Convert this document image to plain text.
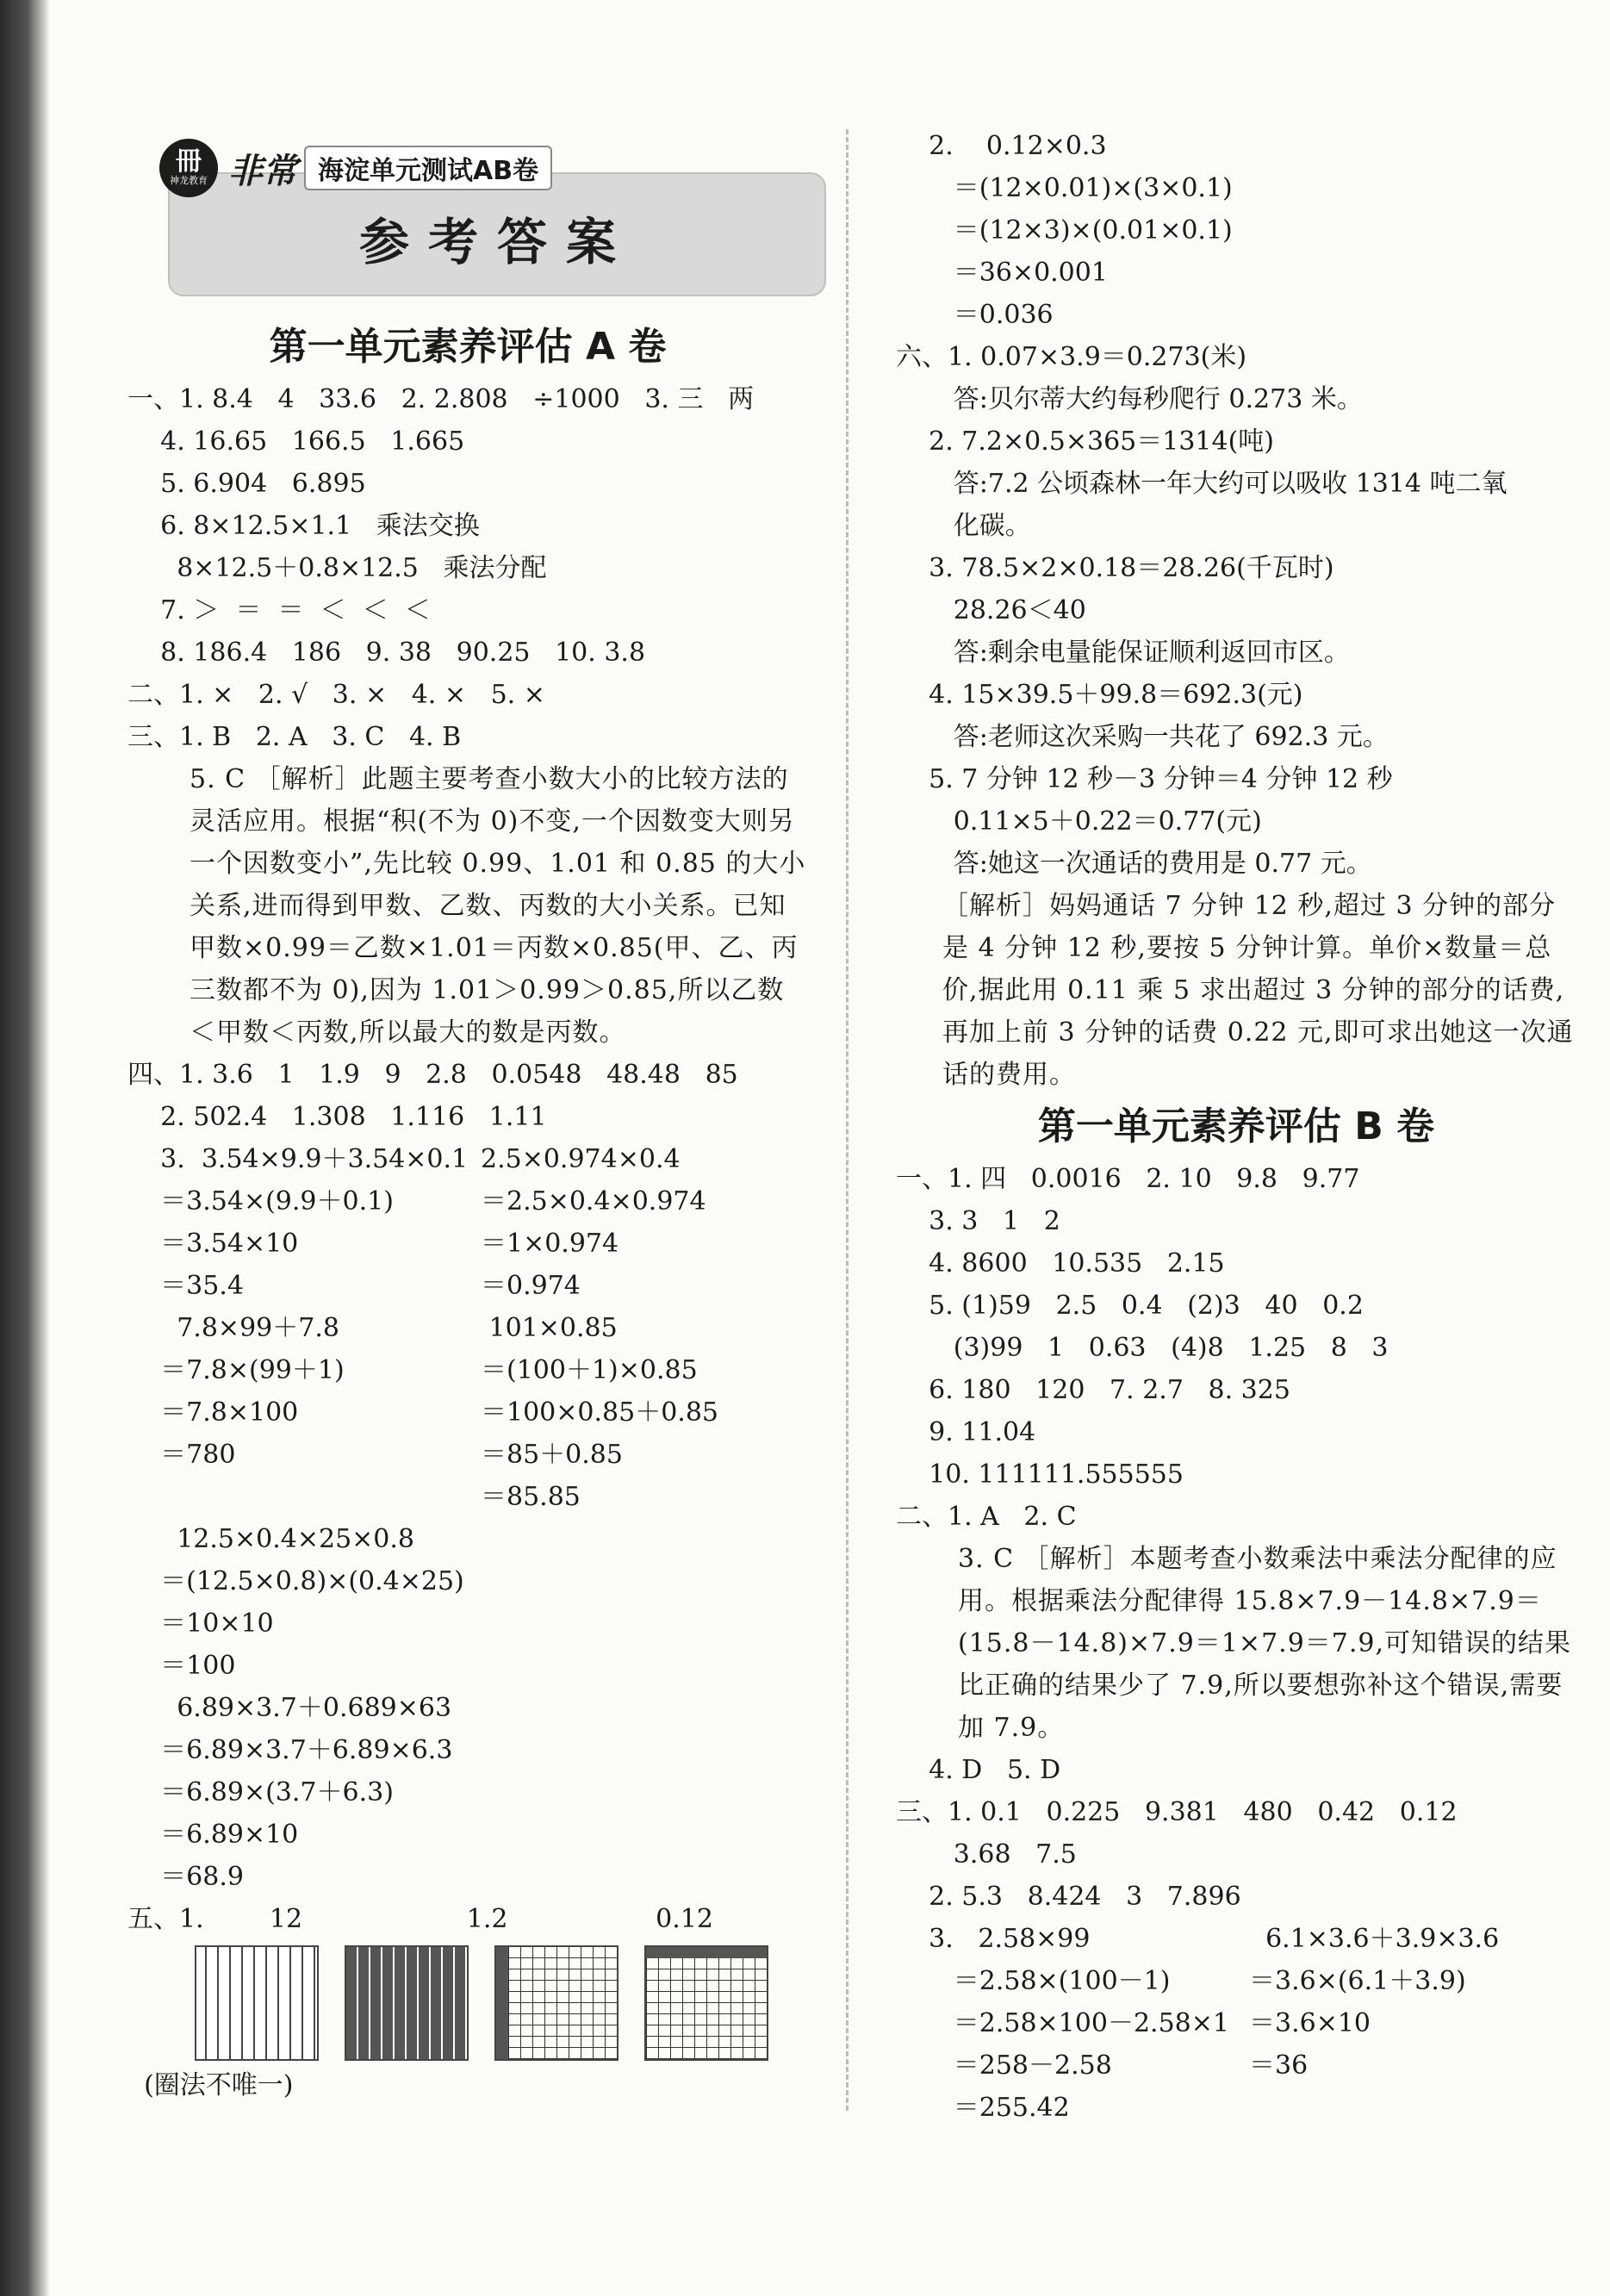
参考答案
冊
神龙教育 非常 海淀单元测试AB卷
第一单元素养评估 A 卷
一、1. 8.4   4   33.6   2. 2.808   ÷1000   3. 三   两
4. 16.65   166.5   1.665
5. 6.904   6.895
6. 8×12.5×1.1   乘法交换
8×12.5＋0.8×12.5   乘法分配
7. ＞  ＝  ＝  ＜  ＜  ＜
8. 186.4   186   9. 38   90.25   10. 3.8
二、1. ×   2. √   3. ×   4. ×   5. ×
三、1. B   2. A   3. C   4. B
5. C ［解析］此题主要考查小数大小的比较方法的灵活应用。根据“积(不为 0)不变,一个因数变大则另一个因数变小”,先比较 0.99、1.01 和 0.85 的大小关系,进而得到甲数、乙数、丙数的大小关系。已知甲数×0.99＝乙数×1.01＝丙数×0.85(甲、乙、丙三数都不为 0),因为 1.01＞0.99＞0.85,所以乙数＜甲数＜丙数,所以最大的数是丙数。
四、1. 3.6   1   1.9   9   2.8   0.0548   48.48   85
2. 502.4   1.308   1.116   1.11
3.  3.54×9.9＋3.54×0.1 2.5×0.974×0.4
＝3.54×(9.9＋0.1)	＝2.5×0.4×0.974
＝3.54×10	＝1×0.974
＝35.4	＝0.974
7.8×99＋7.8	101×0.85
＝7.8×(99＋1)	＝(100＋1)×0.85
＝7.8×100	＝100×0.85＋0.85
＝780	＝85＋0.85
＝85.85
12.5×0.4×25×0.8
＝(12.5×0.8)×(0.4×25)
＝10×10
＝100
6.89×3.7＋0.689×63
＝6.89×3.7＋6.89×6.3
＝6.89×(3.7＋6.3)
＝6.89×10
＝68.9
五、1.        12                    1.2                  0.12
(圈法不唯一)
2.    0.12×0.3
＝(12×0.01)×(3×0.1)
＝(12×3)×(0.01×0.1)
＝36×0.001
＝0.036
六、1. 0.07×3.9＝0.273(米)
答:贝尔蒂大约每秒爬行 0.273 米。
2. 7.2×0.5×365＝1314(吨)
答:7.2 公顷森林一年大约可以吸收 1314 吨二氧
化碳。
3. 78.5×2×0.18＝28.26(千瓦时)
28.26＜40
答:剩余电量能保证顺利返回市区。
4. 15×39.5＋99.8＝692.3(元)
答:老师这次采购一共花了 692.3 元。
5. 7 分钟 12 秒－3 分钟＝4 分钟 12 秒
0.11×5＋0.22＝0.77(元)
答:她这一次通话的费用是 0.77 元。
［解析］妈妈通话 7 分钟 12 秒,超过 3 分钟的部分是 4 分钟 12 秒,要按 5 分钟计算。单价×数量＝总价,据此用 0.11 乘 5 求出超过 3 分钟的部分的话费,再加上前 3 分钟的话费 0.22 元,即可求出她这一次通话的费用。
第一单元素养评估 B 卷
一、1. 四   0.0016   2. 10   9.8   9.77
3. 3   1   2
4. 8600   10.535   2.15
5. (1)59   2.5   0.4   (2)3   40   0.2
(3)99   1   0.63   (4)8   1.25   8   3
6. 180   120   7. 2.7   8. 325
9. 11.04
10. 111111.555555
二、1. A   2. C
3. C ［解析］本题考查小数乘法中乘法分配律的应用。根据乘法分配律得 15.8×7.9－14.8×7.9＝(15.8－14.8)×7.9＝1×7.9＝7.9,可知错误的结果比正确的结果少了 7.9,所以要想弥补这个错误,需要加 7.9。
4. D   5. D
三、1. 0.1   0.225   9.381   480   0.42   0.12
3.68   7.5
2. 5.3   8.424   3   7.896
3.   2.58×99	6.1×3.6＋3.9×3.6
＝2.58×(100－1)	＝3.6×(6.1＋3.9)
＝2.58×100－2.58×1 ＝3.6×10
＝258－2.58	＝36
＝255.42
